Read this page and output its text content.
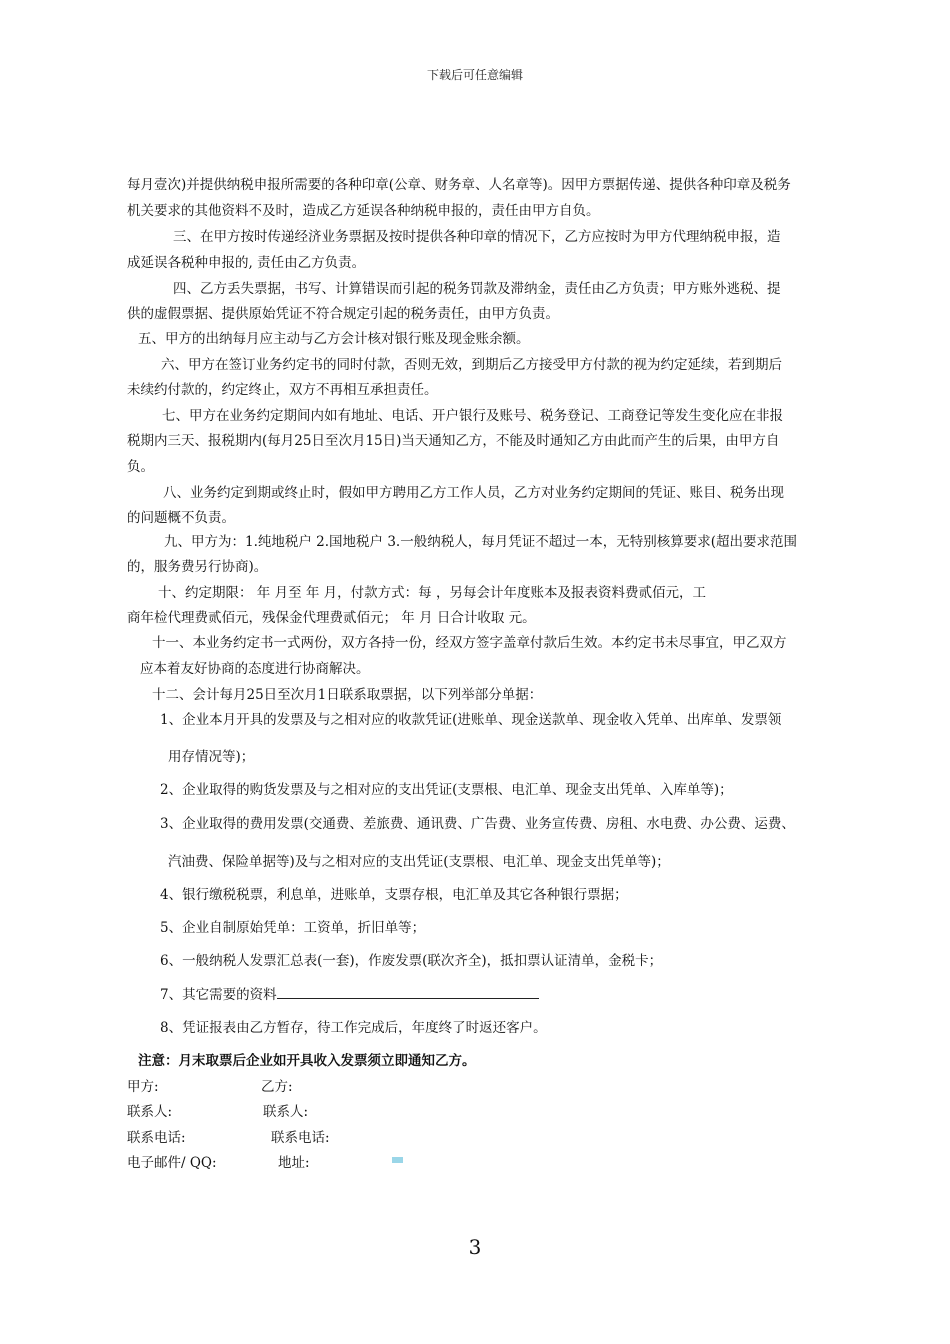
下载后可任意编辑
每月壹次)并提供纳税申报所需要的各种印章(公章、财务章、人名章等)。因甲方票据传递、提供各种印章及税务
机关要求的其他资料不及时，造成乙方延误各种纳税申报的，责任由甲方自负。
三、在甲方按时传递经济业务票据及按时提供各种印章的情况下，乙方应按时为甲方代理纳税申报，造
成延误各税种申报的, 责任由乙方负责。
四、乙方丢失票据，书写、计算错误而引起的税务罚款及滞纳金，责任由乙方负责；甲方账外逃税、提
供的虚假票据、提供原始凭证不符合规定引起的税务责任，由甲方负责。
五、甲方的出纳每月应主动与乙方会计核对银行账及现金账余额。
六、甲方在签订业务约定书的同时付款，否则无效，到期后乙方接受甲方付款的视为约定延续，若到期后
未续约付款的，约定终止，双方不再相互承担责任。
七、甲方在业务约定期间内如有地址、电话、开户银行及账号、税务登记、工商登记等发生变化应在非报
税期内三天、报税期内(每月25日至次月15日)当天通知乙方，不能及时通知乙方由此而产生的后果，由甲方自
负。
八、业务约定到期或终止时，假如甲方聘用乙方工作人员，乙方对业务约定期间的凭证、账目、税务出现
的问题概不负责。
九、甲方为：1.纯地税户 2.国地税户 3.一般纳税人，每月凭证不超过一本，无特别核算要求(超出要求范围
的，服务费另行协商)。
十、约定期限： 年 月至 年 月，付款方式：每 ，另每会计年度账本及报表资料费贰佰元，工
商年检代理费贰佰元，残保金代理费贰佰元； 年 月 日合计收取 元。
十一、本业务约定书一式两份，双方各持一份，经双方签字盖章付款后生效。本约定书未尽事宜，甲乙双方
应本着友好协商的态度进行协商解决。
十二、会计每月25日至次月1日联系取票据，以下列举部分单据：
1、企业本月开具的发票及与之相对应的收款凭证(进账单、现金送款单、现金收入凭单、出库单、发票领
用存情况等)；
2、企业取得的购货发票及与之相对应的支出凭证(支票根、电汇单、现金支出凭单、入库单等)；
3、企业取得的费用发票(交通费、差旅费、通讯费、广告费、业务宣传费、房租、水电费、办公费、运费、
汽油费、保险单据等)及与之相对应的支出凭证(支票根、电汇单、现金支出凭单等)；
4、银行缴税税票，利息单，进账单，支票存根，电汇单及其它各种银行票据；
5、企业自制原始凭单：工资单，折旧单等；
6、一般纳税人发票汇总表(一套)，作废发票(联次齐全)，抵扣票认证清单，金税卡；
7、其它需要的资料
8、凭证报表由乙方暂存，待工作完成后，年度终了时返还客户。
注意：月末取票后企业如开具收入发票须立即通知乙方。
甲方:	乙方:
联系人:	联系人:
联系电话:	联系电话:
电子邮件/ QQ:	地址:
3
